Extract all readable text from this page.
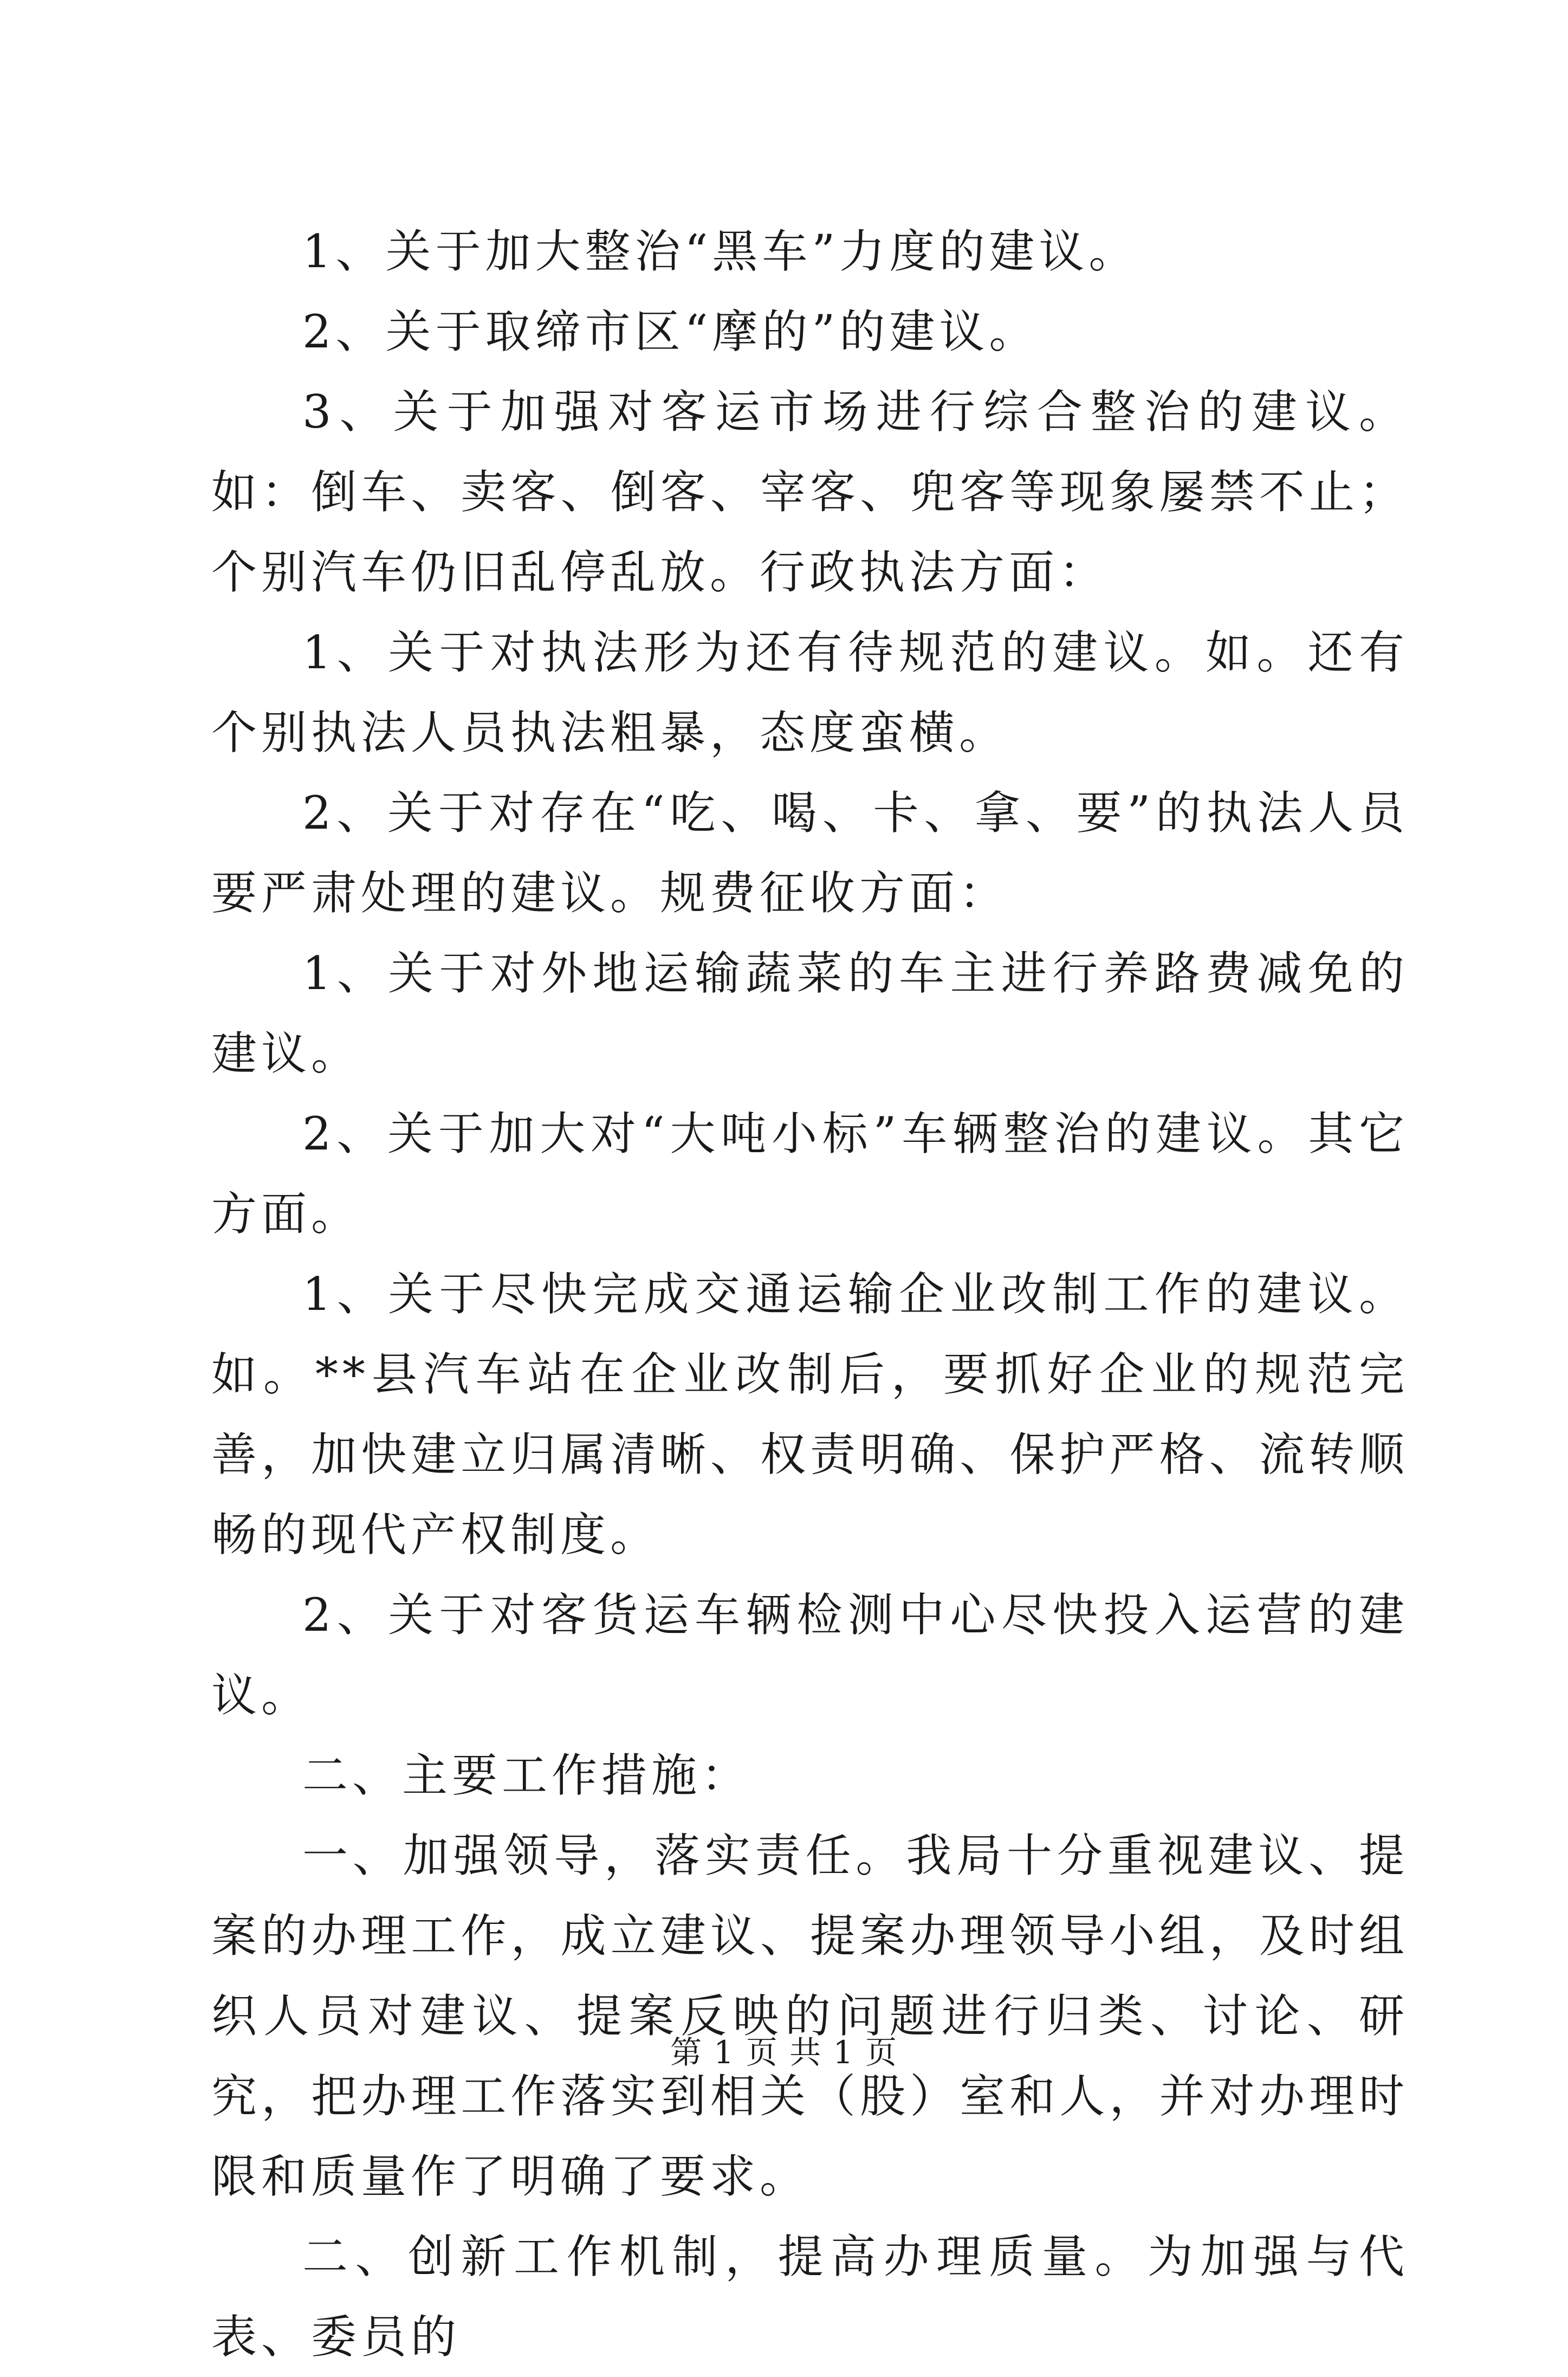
1、关于加大整治“黑车”力度的建议。

2、关于取缔市区“摩的”的建议。

3、关于加强对客运市场进行综合整治的建议。如：倒车、卖客、倒客、宰客、兜客等现象屡禁不止；个别汽车仍旧乱停乱放。行政执法方面：

1、关于对执法形为还有待规范的建议。如。还有个别执法人员执法粗暴，态度蛮横。

2、关于对存在“吃、喝、卡、拿、要”的执法人员要严肃处理的建议。规费征收方面：

1、关于对外地运输蔬菜的车主进行养路费减免的建议。

2、关于加大对“大吨小标”车辆整治的建议。其它方面。

1、关于尽快完成交通运输企业改制工作的建议。如。**县汽车站在企业改制后，要抓好企业的规范完善，加快建立归属清晰、权责明确、保护严格、流转顺畅的现代产权制度。

2、关于对客货运车辆检测中心尽快投入运营的建议。

二、主要工作措施：

一、加强领导，落实责任。我局十分重视建议、提案的办理工作，成立建议、提案办理领导小组，及时组织人员对建议、提案反映的问题进行归类、讨论、研究，把办理工作落实到相关（股）室和人，并对办理时限和质量作了明确了要求。

二、创新工作机制，提高办理质量。为加强与代表、委员的

第 1 页 共 1 页
